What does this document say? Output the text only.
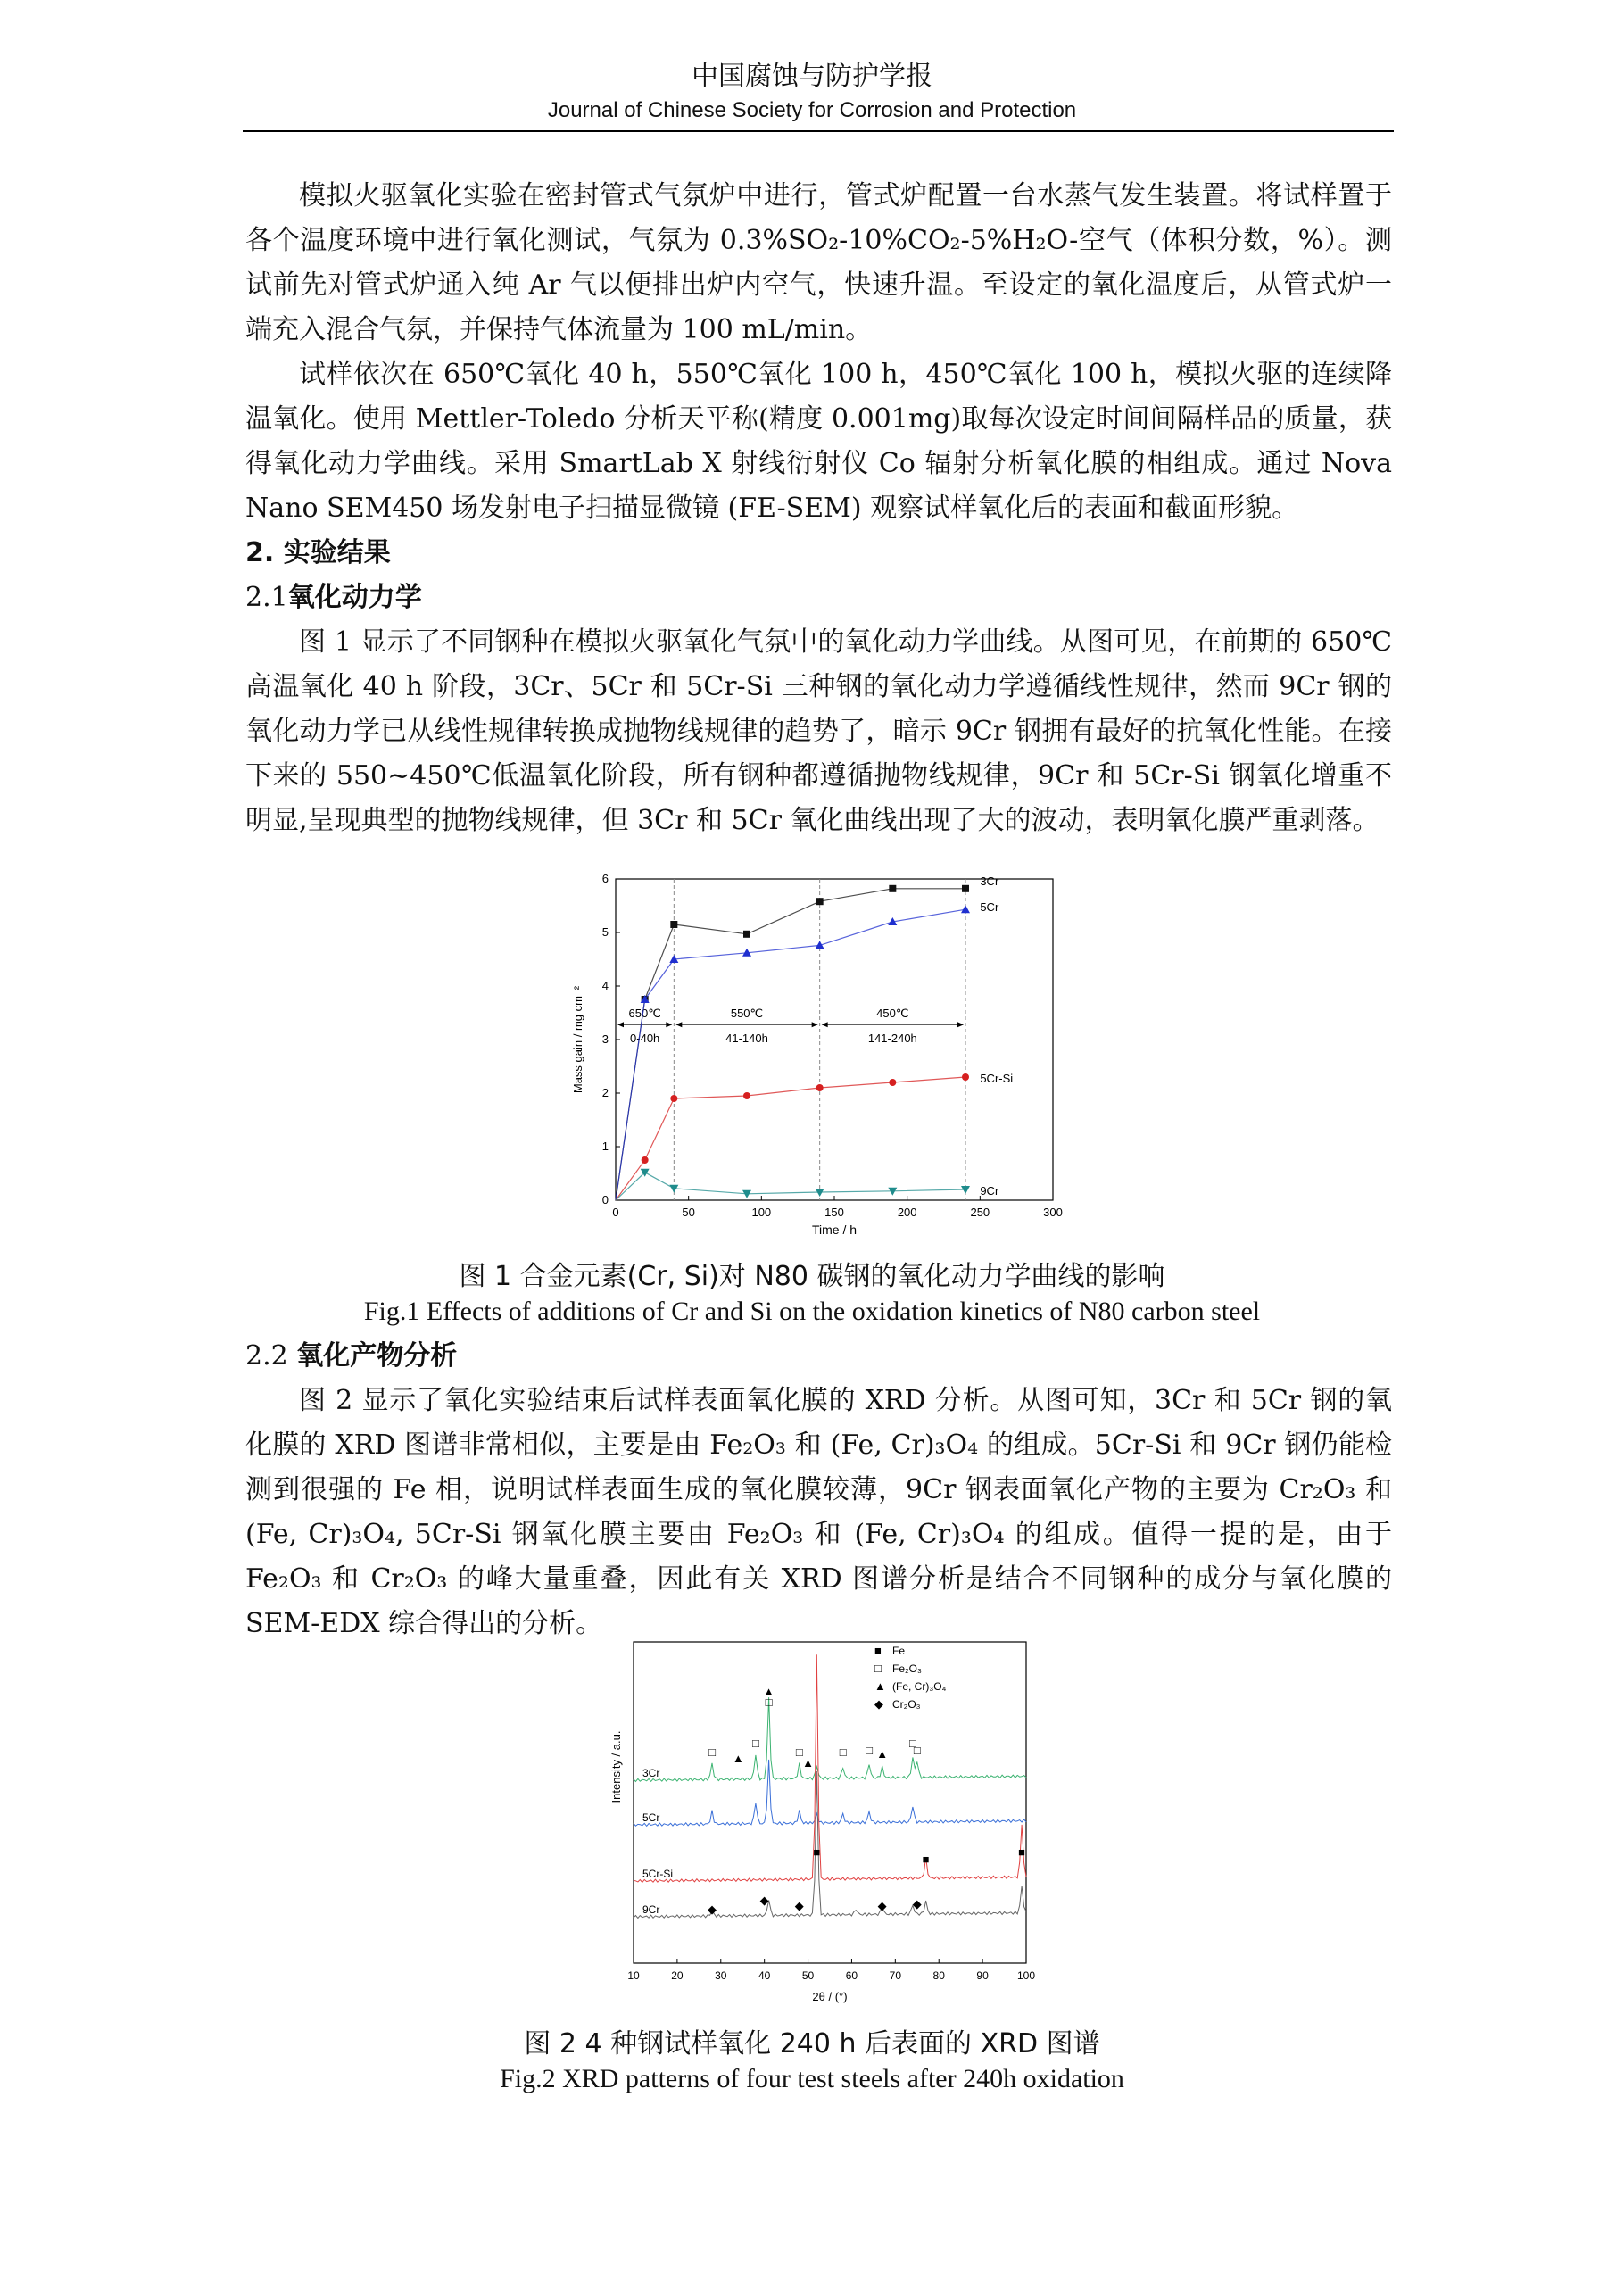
中国腐蚀与防护学报
Journal of Chinese Society for Corrosion and Protection

模拟火驱氧化实验在密封管式气氛炉中进行，管式炉配置一台水蒸气发生装置。将试样置于各个温度环境中进行氧化测试，气氛为 0.3%SO₂-10%CO₂-5%H₂O-空气（体积分数，%）。测试前先对管式炉通入纯 Ar 气以便排出炉内空气，快速升温。至设定的氧化温度后，从管式炉一端充入混合气氛，并保持气体流量为 100 mL/min。

试样依次在 650℃氧化 40 h，550℃氧化 100 h，450℃氧化 100 h，模拟火驱的连续降温氧化。使用 Mettler-Toledo 分析天平称(精度 0.001mg)取每次设定时间间隔样品的质量，获得氧化动力学曲线。采用 SmartLab X 射线衍射仪 Co 辐射分析氧化膜的相组成。通过 Nova Nano SEM450 场发射电子扫描显微镜 (FE-SEM) 观察试样氧化后的表面和截面形貌。

2. 实验结果

2.1氧化动力学

图 1 显示了不同钢种在模拟火驱氧化气氛中的氧化动力学曲线。从图可见，在前期的 650℃高温氧化 40 h 阶段，3Cr、5Cr 和 5Cr-Si 三种钢的氧化动力学遵循线性规律，然而 9Cr 钢的氧化动力学已从线性规律转换成抛物线规律的趋势了，暗示 9Cr 钢拥有最好的抗氧化性能。在接下来的 550~450℃低温氧化阶段，所有钢种都遵循抛物线规律，9Cr 和 5Cr-Si 钢氧化增重不明显,呈现典型的抛物线规律，但 3Cr 和 5Cr 氧化曲线出现了大的波动，表明氧化膜严重剥落。

0	50	100	150	200	250	300
0
1
2
3
4
5
6
Time / h
Mass gain / mg cm⁻²	650℃
0-40h
550℃
41-140h
450℃
141-240h
3Cr
5Cr
5Cr-Si
9Cr
图 1 合金元素(Cr, Si)对 N80 碳钢的氧化动力学曲线的影响
Fig.1 Effects of additions of Cr and Si on the oxidation kinetics of N80 carbon steel

2.2 氧化产物分析

图 2 显示了氧化实验结束后试样表面氧化膜的 XRD 分析。从图可知，3Cr 和 5Cr 钢的氧化膜的 XRD 图谱非常相似，主要是由 Fe₂O₃ 和 (Fe, Cr)₃O₄ 的组成。5Cr-Si 和 9Cr 钢仍能检测到很强的 Fe 相，说明试样表面生成的氧化膜较薄，9Cr 钢表面氧化产物的主要为 Cr₂O₃ 和 (Fe, Cr)₃O₄, 5Cr-Si 钢氧化膜主要由 Fe₂O₃ 和 (Fe, Cr)₃O₄ 的组成。值得一提的是，由于 Fe₂O₃ 和 Cr₂O₃ 的峰大量重叠，因此有关 XRD 图谱分析是结合不同钢种的成分与氧化膜的 SEM-EDX 综合得出的分析。

10	20	30	40	50	60	70	80	90	100
2θ / (°)
Intensity / a.u. 3Cr
5Cr
5Cr-Si
9Cr
□
□
□	□ □
□
▲
▲
▲
▲
□
□
■
■
■
◆
◆ ◆	◆ ◆
■ Fe
□ Fe₂O₃
▲ (Fe, Cr)₃O₄
◆ Cr₂O₃
图 2 4 种钢试样氧化 240 h 后表面的 XRD 图谱
Fig.2 XRD patterns of four test steels after 240h oxidation
